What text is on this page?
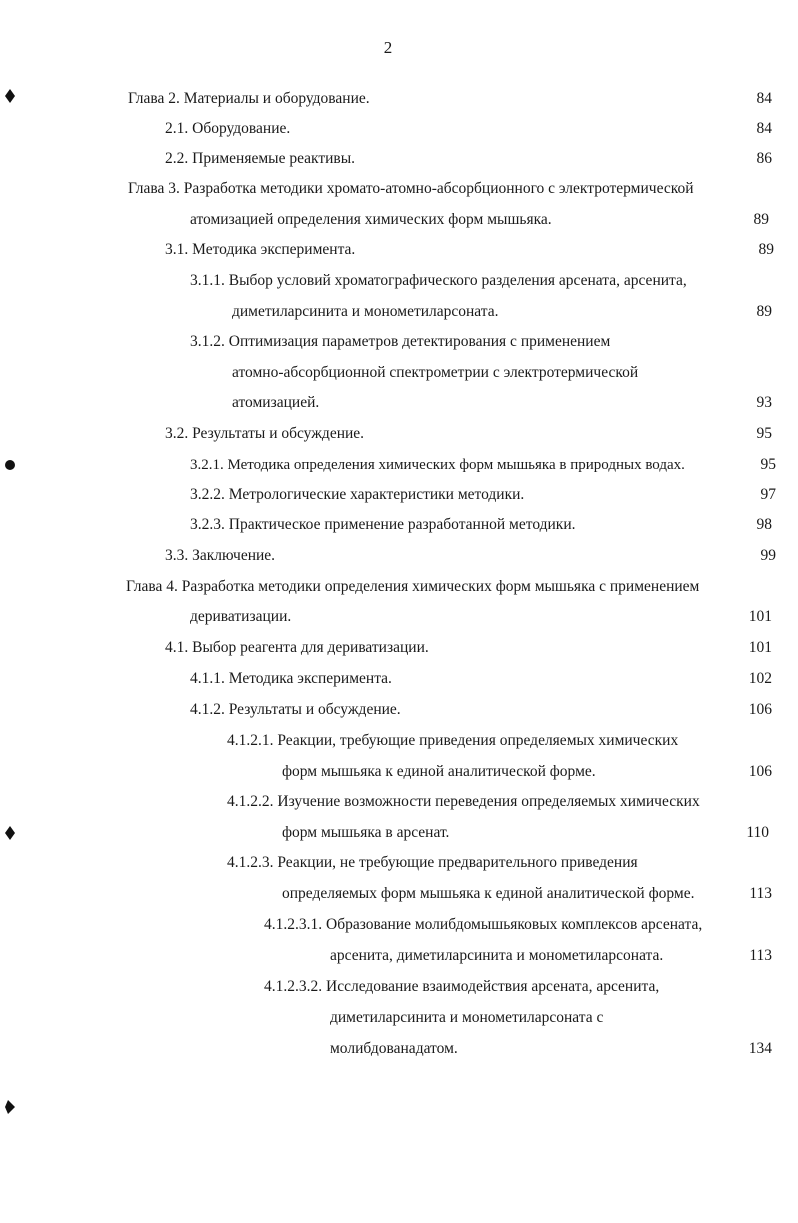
2
Глава 2. Материалы и оборудование.	84
2.1. Оборудование.	84
2.2. Применяемые реактивы.	86
Глава 3. Разработка методики хромато-атомно-абсорбционного с электротермической
атомизацией определения химических форм мышьяка.	89
3.1. Методика эксперимента.	89
3.1.1. Выбор условий хроматографического разделения арсената, арсенита,
диметиларсинита и монометиларсоната.	89
3.1.2. Оптимизация параметров детектирования с применением
атомно-абсорбционной спектрометрии с электротермической
атомизацией.	93
3.2. Результаты и обсуждение.	95
3.2.1. Методика определения химических форм мышьяка в природных водах.	95
3.2.2. Метрологические характеристики методики.	97
3.2.3. Практическое применение разработанной методики.	98
3.3. Заключение.	99
Глава 4. Разработка методики определения химических форм мышьяка с применением
дериватизации.	101
4.1. Выбор реагента для дериватизации.	101
4.1.1. Методика эксперимента.	102
4.1.2. Результаты и обсуждение.	106
4.1.2.1. Реакции, требующие приведения определяемых химических
форм мышьяка к единой аналитической форме.	106
4.1.2.2. Изучение возможности переведения определяемых химических
форм мышьяка в арсенат.	110
4.1.2.3. Реакции, не требующие предварительного приведения
определяемых форм мышьяка к единой аналитической форме.	113
4.1.2.3.1. Образование молибдомышьяковых комплексов арсената,
арсенита, диметиларсинита и монометиларсоната.	113
4.1.2.3.2. Исследование взаимодействия арсената, арсенита,
диметиларсинита и монометиларсоната с
молибдованадатом.	134
